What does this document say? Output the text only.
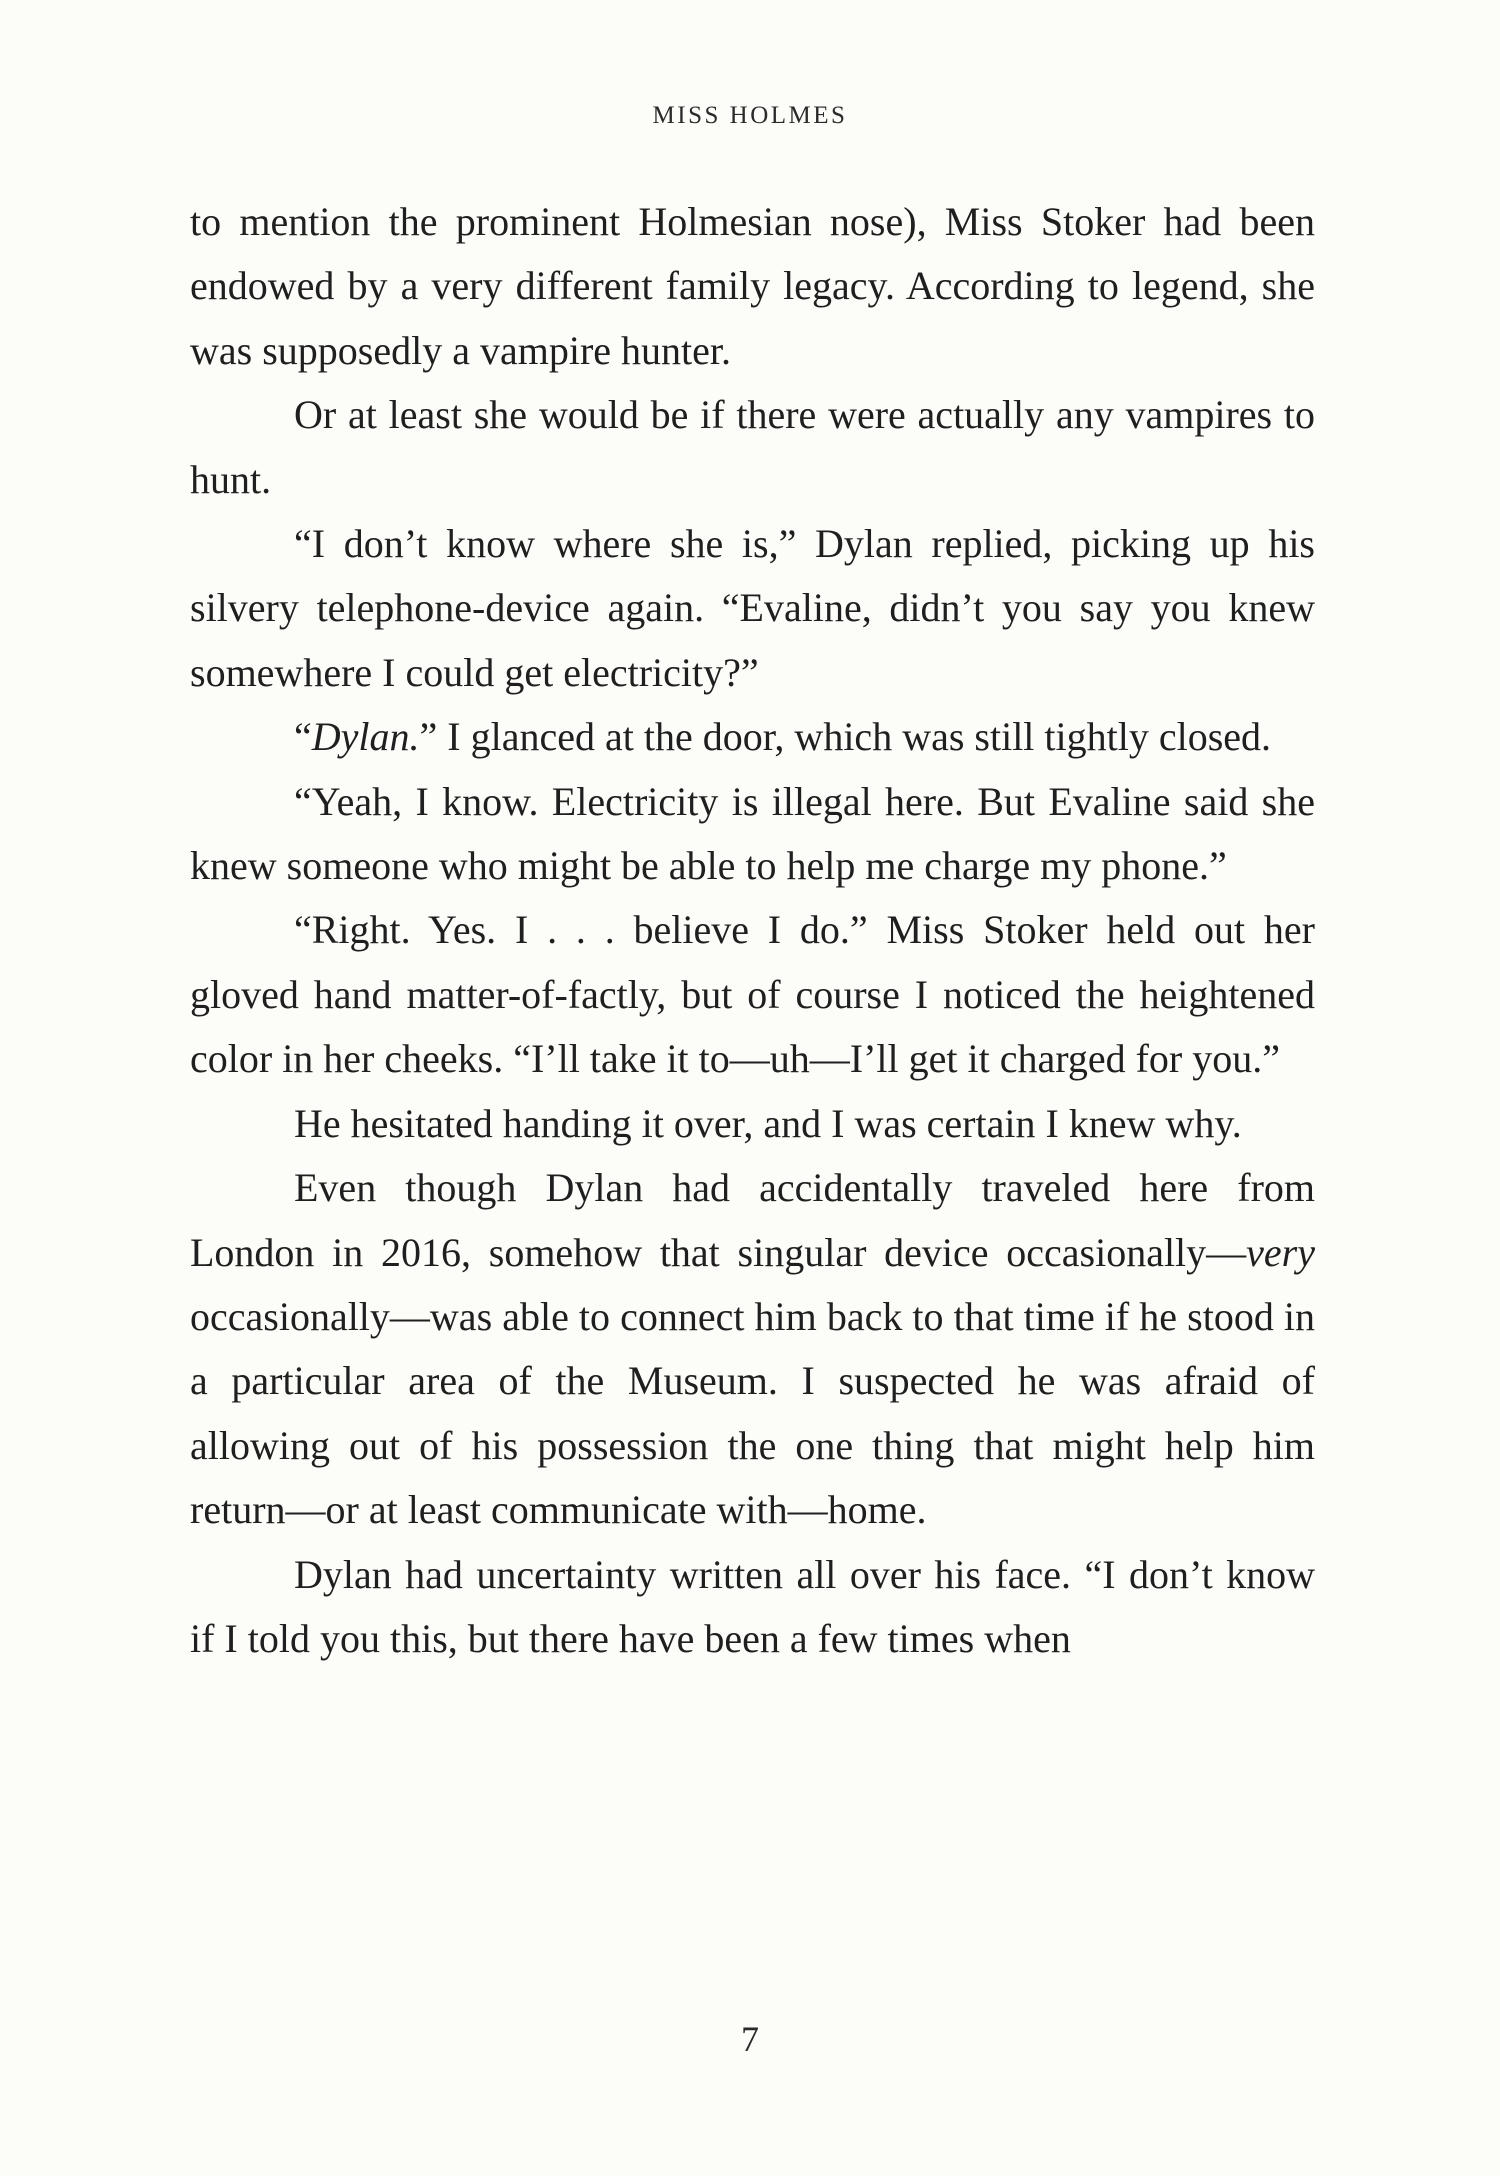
MISS HOLMES

to mention the prominent Holmesian nose), Miss Stoker had been endowed by a very different family legacy. According to legend, she was supposedly a vampire hunter.

Or at least she would be if there were actually any vampires to hunt.

“I don’t know where she is,” Dylan replied, picking up his silvery telephone-device again. “Evaline, didn’t you say you knew somewhere I could get electricity?”

“Dylan.” I glanced at the door, which was still tightly closed.

“Yeah, I know. Electricity is illegal here. But Evaline said she knew someone who might be able to help me charge my phone.”

“Right. Yes. I . . . believe I do.” Miss Stoker held out her gloved hand matter-of-factly, but of course I noticed the heightened color in her cheeks. “I’ll take it to—uh—I’ll get it charged for you.”

He hesitated handing it over, and I was certain I knew why.

Even though Dylan had accidentally traveled here from London in 2016, somehow that singular device occasionally—very occasionally—was able to connect him back to that time if he stood in a particular area of the Museum. I suspected he was afraid of allowing out of his possession the one thing that might help him return—or at least communicate with—home.

Dylan had uncertainty written all over his face. “I don’t know if I told you this, but there have been a few times when

7
